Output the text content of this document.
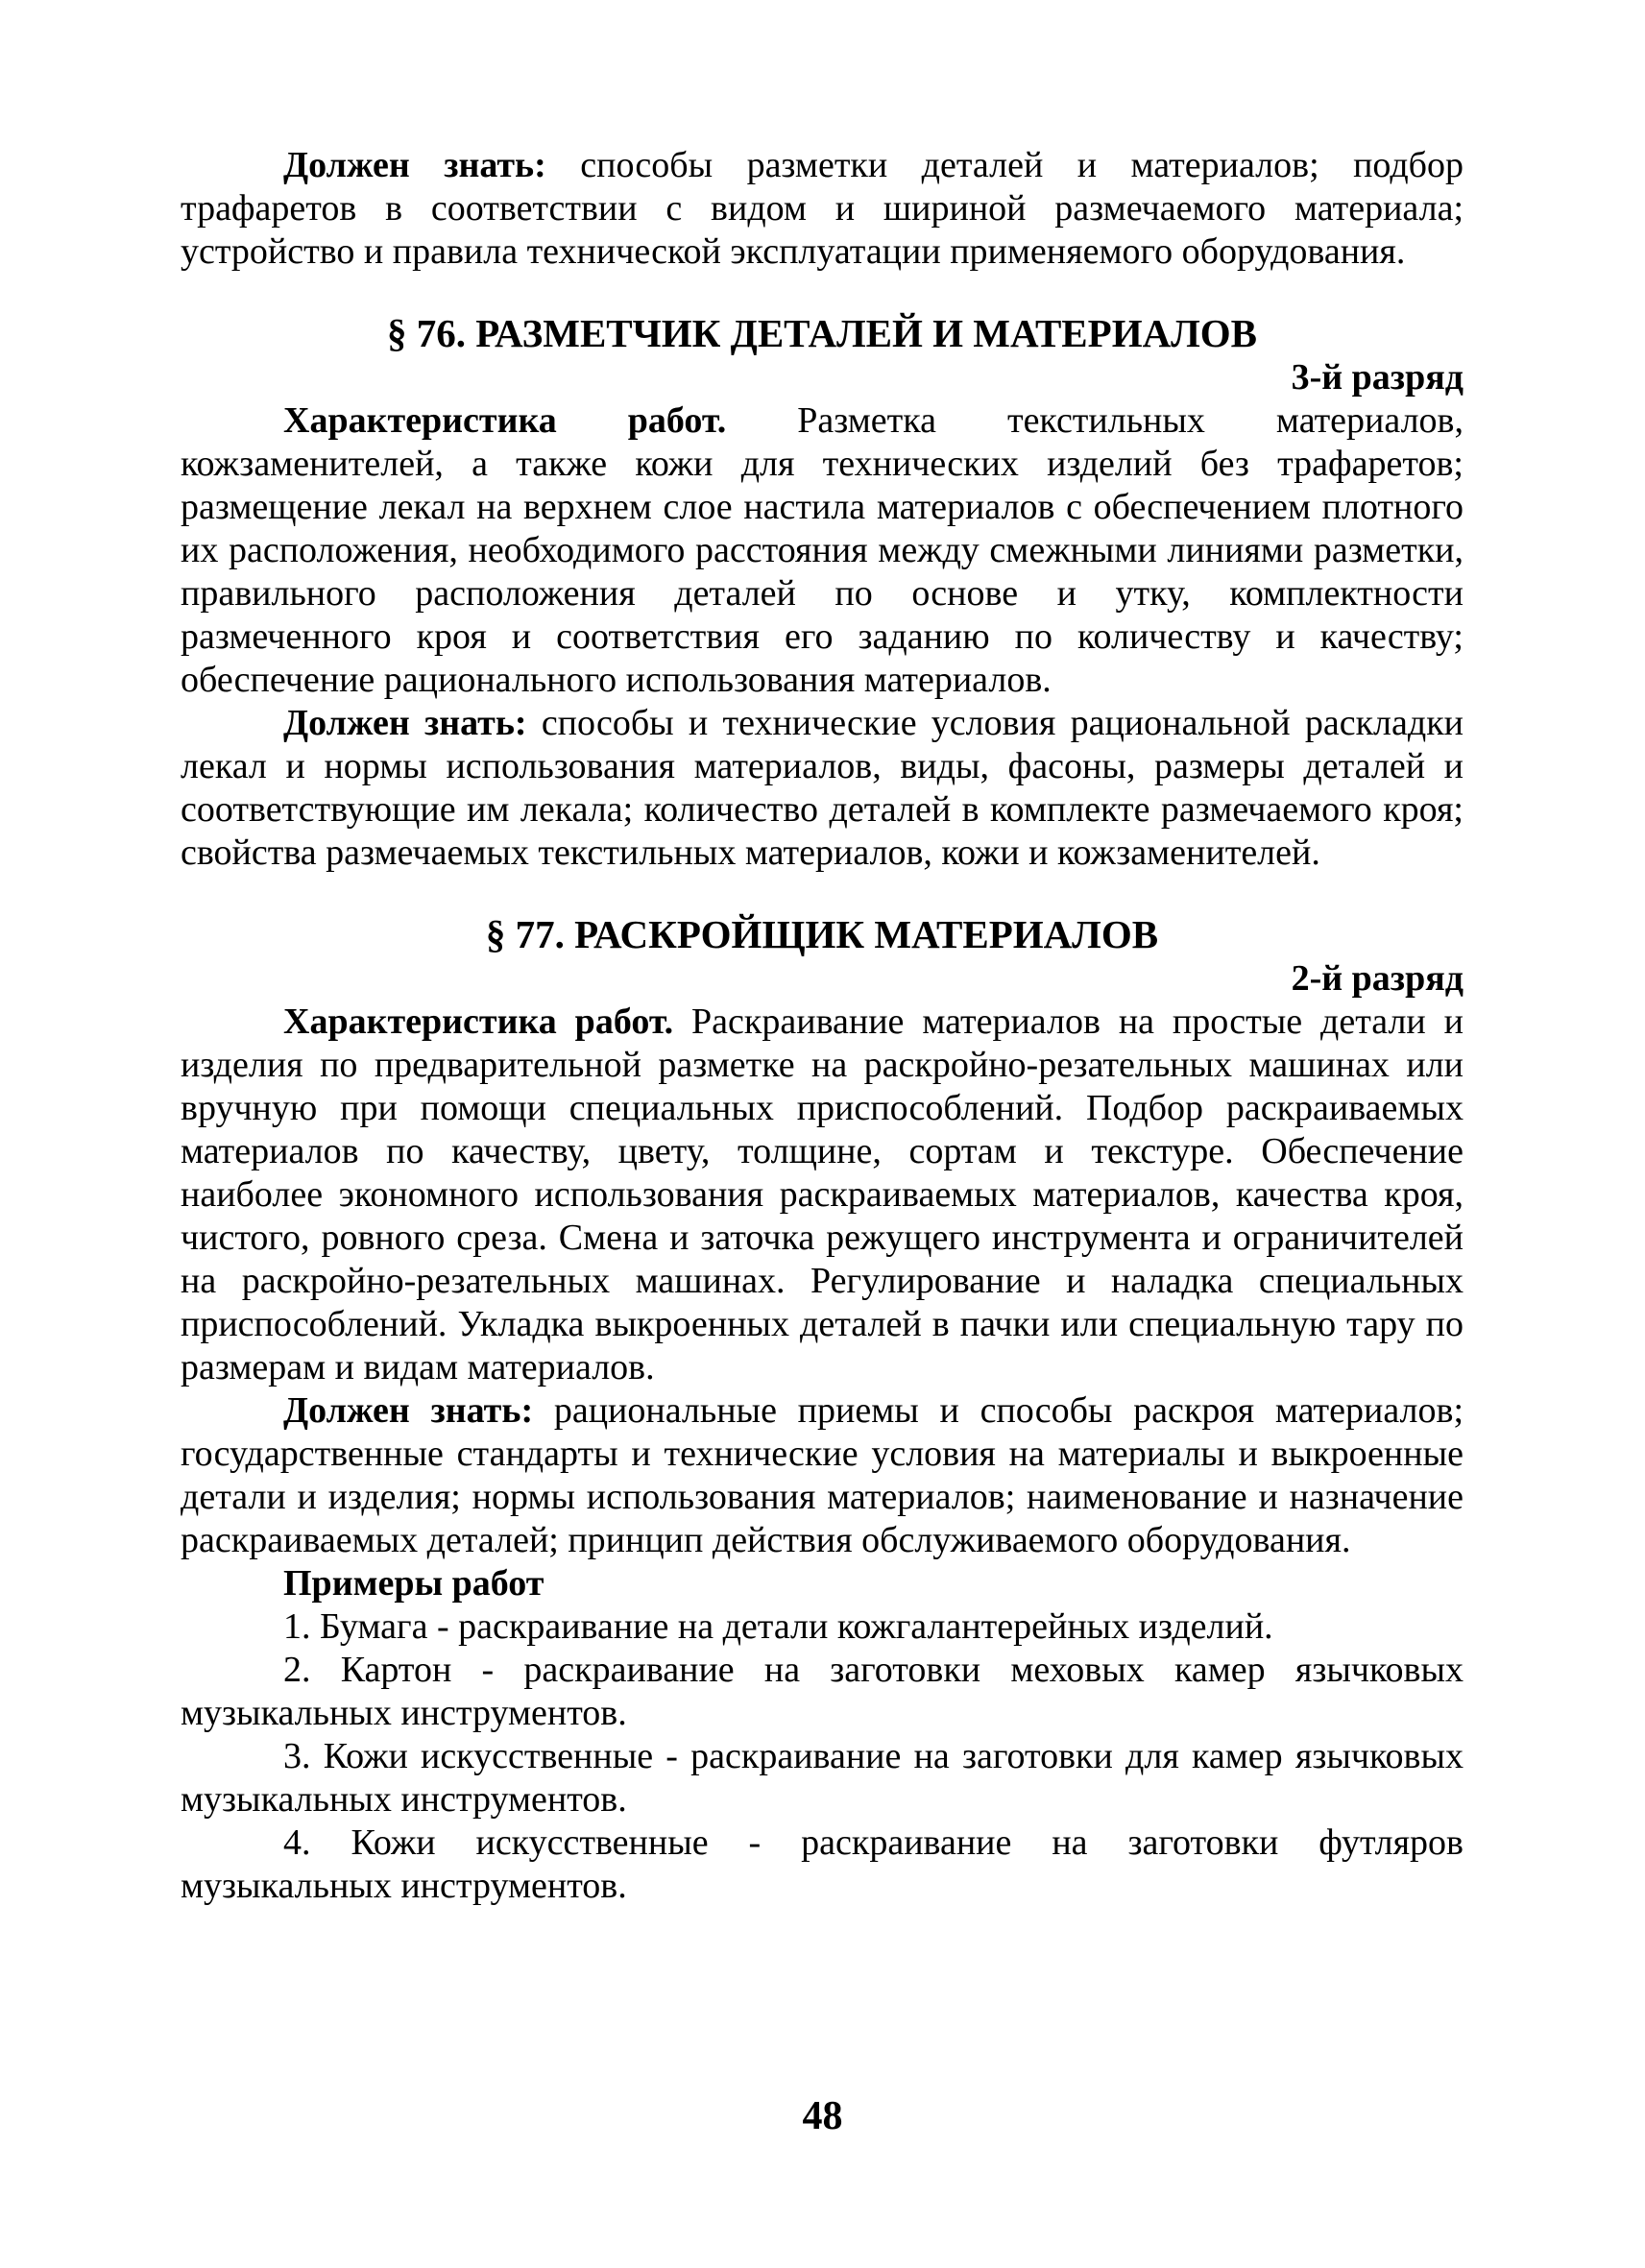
Должен знать: способы разметки деталей и материалов; подбор трафаретов в соответствии с видом и шириной размечаемого материала; устройство и правила технической эксплуатации применяемого оборудования.

§ 76. РАЗМЕТЧИК ДЕТАЛЕЙ И МАТЕРИАЛОВ

3-й разряд

Характеристика работ. Разметка текстильных материалов, кожзаменителей, а также кожи для технических изделий без трафаретов; размещение лекал на верхнем слое настила материалов с обеспечением плотного их расположения, необходимого расстояния между смежными линиями разметки, правильного расположения деталей по основе и утку, комплектности размеченного кроя и соответствия его заданию по количеству и качеству; обеспечение рационального использования материалов.

Должен знать: способы и технические условия рациональной раскладки лекал и нормы использования материалов, виды, фасоны, размеры деталей и соответствующие им лекала; количество деталей в комплекте размечаемого кроя; свойства размечаемых текстильных материалов, кожи и кожзаменителей.

§ 77. РАСКРОЙЩИК МАТЕРИАЛОВ

2-й разряд

Характеристика работ. Раскраивание материалов на простые детали и изделия по предварительной разметке на раскройно-резательных машинах или вручную при помощи специальных приспособлений. Подбор раскраиваемых материалов по качеству, цвету, толщине, сортам и текстуре. Обеспечение наиболее экономного использования раскраиваемых материалов, качества кроя, чистого, ровного среза. Смена и заточка режущего инструмента и ограничителей на раскройно-резательных машинах. Регулирование и наладка специальных приспособлений. Укладка выкроенных деталей в пачки или специальную тару по размерам и видам материалов.

Должен знать: рациональные приемы и способы раскроя материалов; государственные стандарты и технические условия на материалы и выкроенные детали и изделия; нормы использования материалов; наименование и назначение раскраиваемых деталей; принцип действия обслуживаемого оборудования.

Примеры работ

1. Бумага - раскраивание на детали кожгалантерейных изделий.

2. Картон - раскраивание на заготовки меховых камер язычковых музыкальных инструментов.

3. Кожи искусственные - раскраивание на заготовки для камер язычковых музыкальных инструментов.

4. Кожи искусственные - раскраивание на заготовки футляров музыкальных инструментов.

48
